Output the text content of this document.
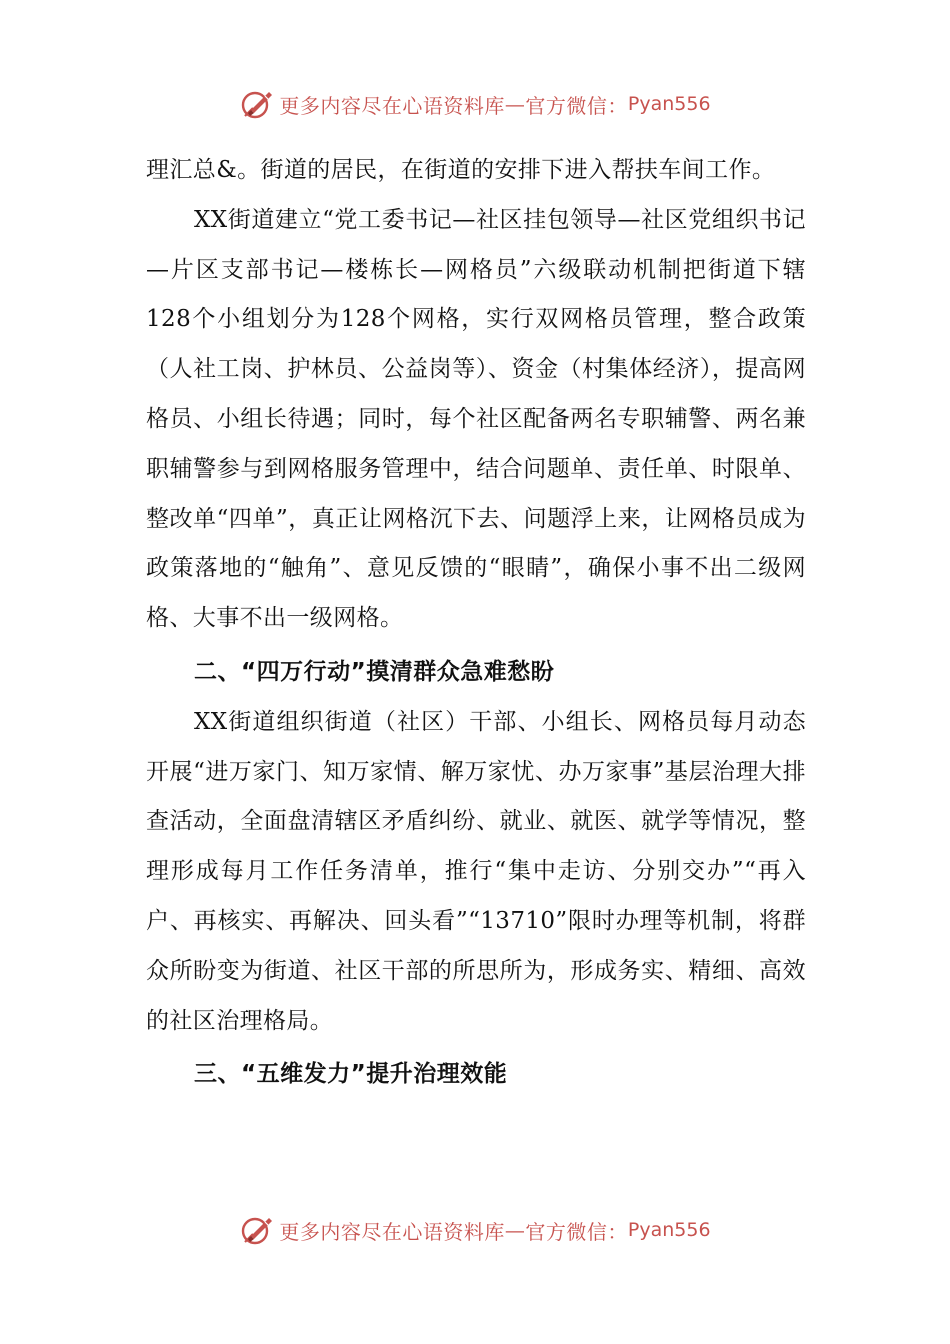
更多内容尽在心语资料库 — 官方微信： Pyan556

理汇总&。街道的居民，在街道的安排下进入帮扶车间工作。

XX街道建立“党工委书记—社区挂包领导—社区党组织书记—片区支部书记—楼栋长—网格员”六级联动机制把街道下辖128个小组划分为128个网格，实行双网格员管理，整合政策（人社工岗、护林员、公益岗等）、资金（村集体经济），提高网格员、小组长待遇；同时，每个社区配备两名专职辅警、两名兼职辅警参与到网格服务管理中，结合问题单、责任单、时限单、整改单“四单”，真正让网格沉下去、问题浮上来，让网格员成为政策落地的“触角”、意见反馈的“眼睛”，确保小事不出二级网格、大事不出一级网格。

二、“四万行动”摸清群众急难愁盼

XX街道组织街道（社区）干部、小组长、网格员每月动态开展“进万家门、知万家情、解万家忧、办万家事”基层治理大排查活动，全面盘清辖区矛盾纠纷、就业、就医、就学等情况，整理形成每月工作任务清单，推行“集中走访、分别交办”“再入户、再核实、再解决、回头看”“13710”限时办理等机制，将群众所盼变为街道、社区干部的所思所为，形成务实、精细、高效的社区治理格局。

三、“五维发力”提升治理效能

更多内容尽在心语资料库 — 官方微信： Pyan556
